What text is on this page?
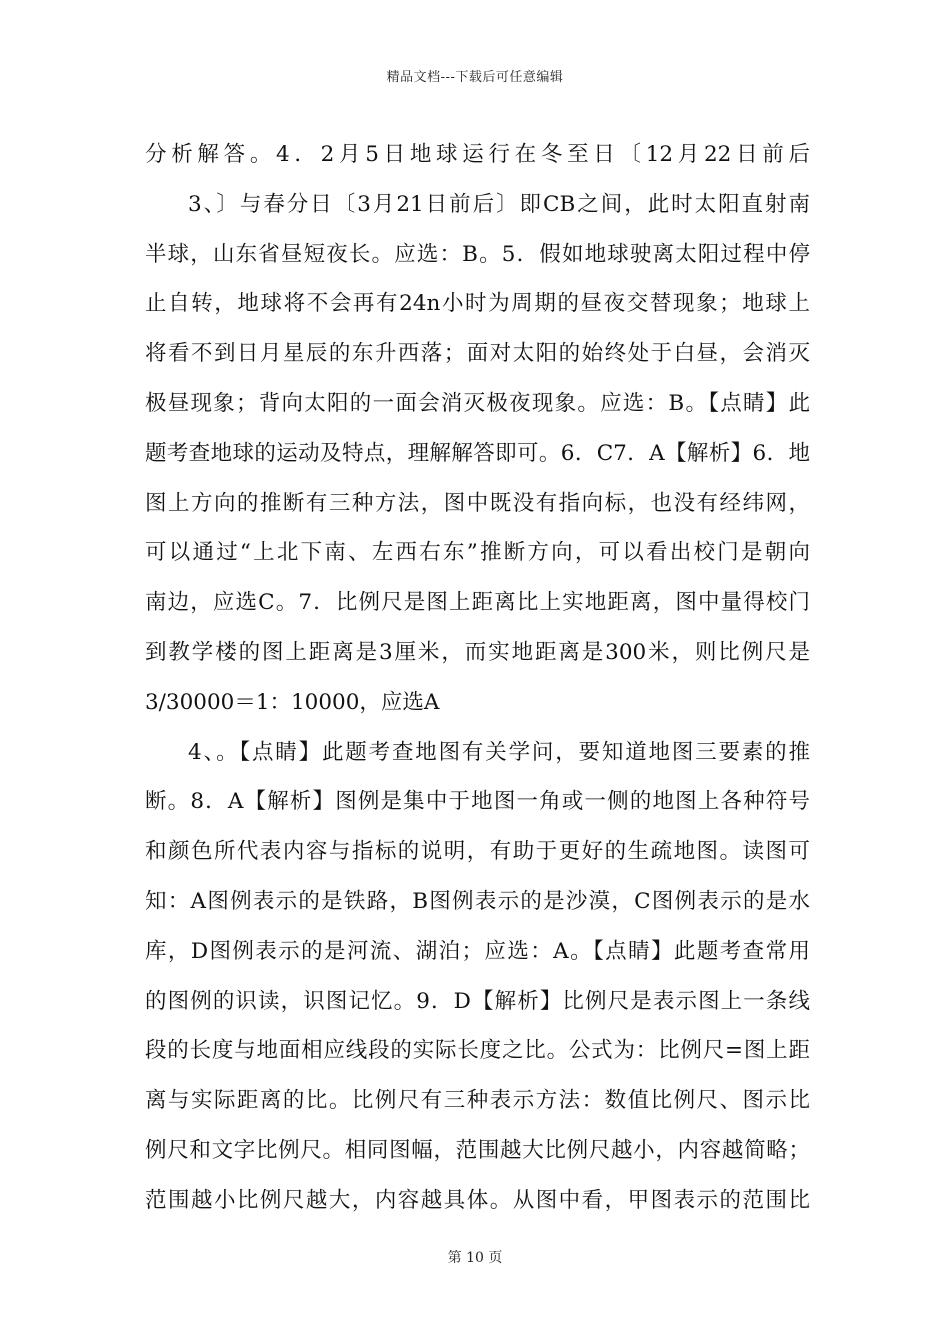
精品文档---下载后可任意编辑
分析解答。4．2月5日地球运行在冬至日〔12月22日前后
3、〕与春分日〔3月21日前后〕即CB之间，此时太阳直射南
半球，山东省昼短夜长。应选：B。5．假如地球驶离太阳过程中停
止自转，地球将不会再有24n小时为周期的昼夜交替现象；地球上
将看不到日月星辰的东升西落；面对太阳的始终处于白昼，会消灭
极昼现象；背向太阳的一面会消灭极夜现象。应选：B。【点睛】此
题考查地球的运动及特点，理解解答即可。6．C7．A【解析】6．地
图上方向的推断有三种方法，图中既没有指向标，也没有经纬网，
可以通过“上北下南、左西右东”推断方向，可以看出校门是朝向
南边，应选C。7．比例尺是图上距离比上实地距离，图中量得校门
到教学楼的图上距离是3厘米，而实地距离是300米，则比例尺是
3/30000＝1：10000，应选A
4、。【点睛】此题考查地图有关学问，要知道地图三要素的推
断。8．A【解析】图例是集中于地图一角或一侧的地图上各种符号
和颜色所代表内容与指标的说明，有助于更好的生疏地图。读图可
知：A图例表示的是铁路，B图例表示的是沙漠，C图例表示的是水
库，D图例表示的是河流、湖泊；应选：A。【点睛】此题考查常用
的图例的识读，识图记忆。9．D【解析】比例尺是表示图上一条线
段的长度与地面相应线段的实际长度之比。公式为：比例尺=图上距
离与实际距离的比。比例尺有三种表示方法：数值比例尺、图示比
例尺和文字比例尺。相同图幅，范围越大比例尺越小，内容越简略；
范围越小比例尺越大，内容越具体。从图中看，甲图表示的范围比
第 10 页
